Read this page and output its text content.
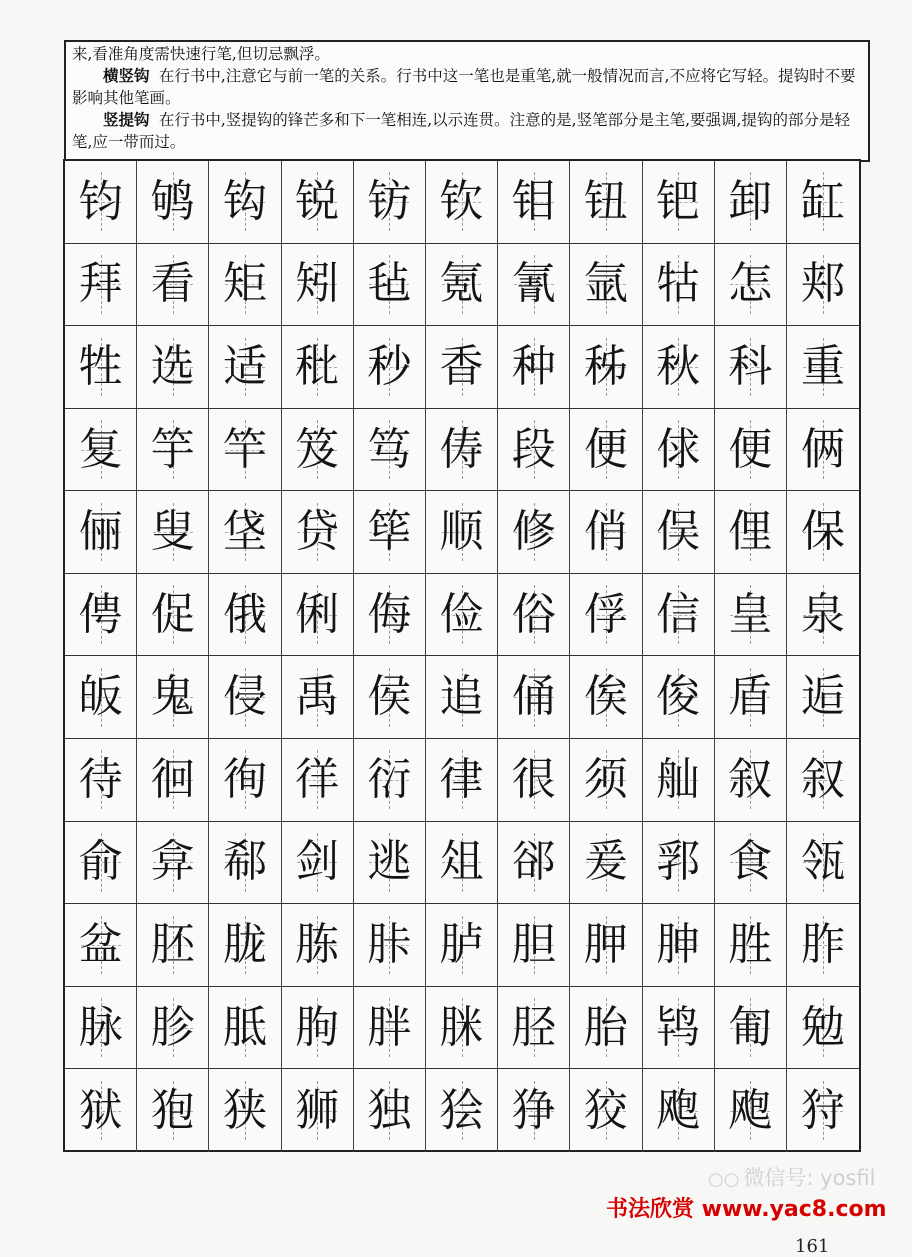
来,看准角度需快速行笔,但切忌飘浮。

横竖钩 在行书中,注意它与前一笔的关系。行书中这一笔也是重笔,就一般情况而言,不应将它写轻。提钩时不要影响其他笔画。

竖提钩 在行书中,竖提钩的锋芒多和下一笔相连,以示连贯。注意的是,竖笔部分是主笔,要强调,提钩的部分是轻笔,应一带而过。

钧 鸲 钩 锐 钫 钦 钼 钮 钯 卸 缸
拜 看 矩 矧 毡 氪 氰 氩 牯 怎 郏
牲 选 适 秕 秒 香 种 秭 秋 科 重
复 竽 竿 笈 笃 俦 段 便 俅 便 俩
俪 叟 垡 贷 筚 顺 修 俏 俣 俚 保
俜 促 俄 俐 侮 俭 俗 俘 信 皇 泉
皈 鬼 侵 禹 侯 追 俑 俟 俊 盾 逅
待 徊 徇 徉 衍 律 很 须 舢 叙 叙
俞 弇 郗 剑 逃 俎 郤 爰 郛 食 瓴
盆 胚 胧 胨 胩 胪 胆 胛 胂 胜 胙
脉 胗 胝 朐 胖 脒 胫 胎 鸨 匍 勉
狱 狍 狭 狮 独 狯 狰 狡 飑 飑 狩
○○ 微信号: yosfil
书法欣赏 www.yac8.com
161
